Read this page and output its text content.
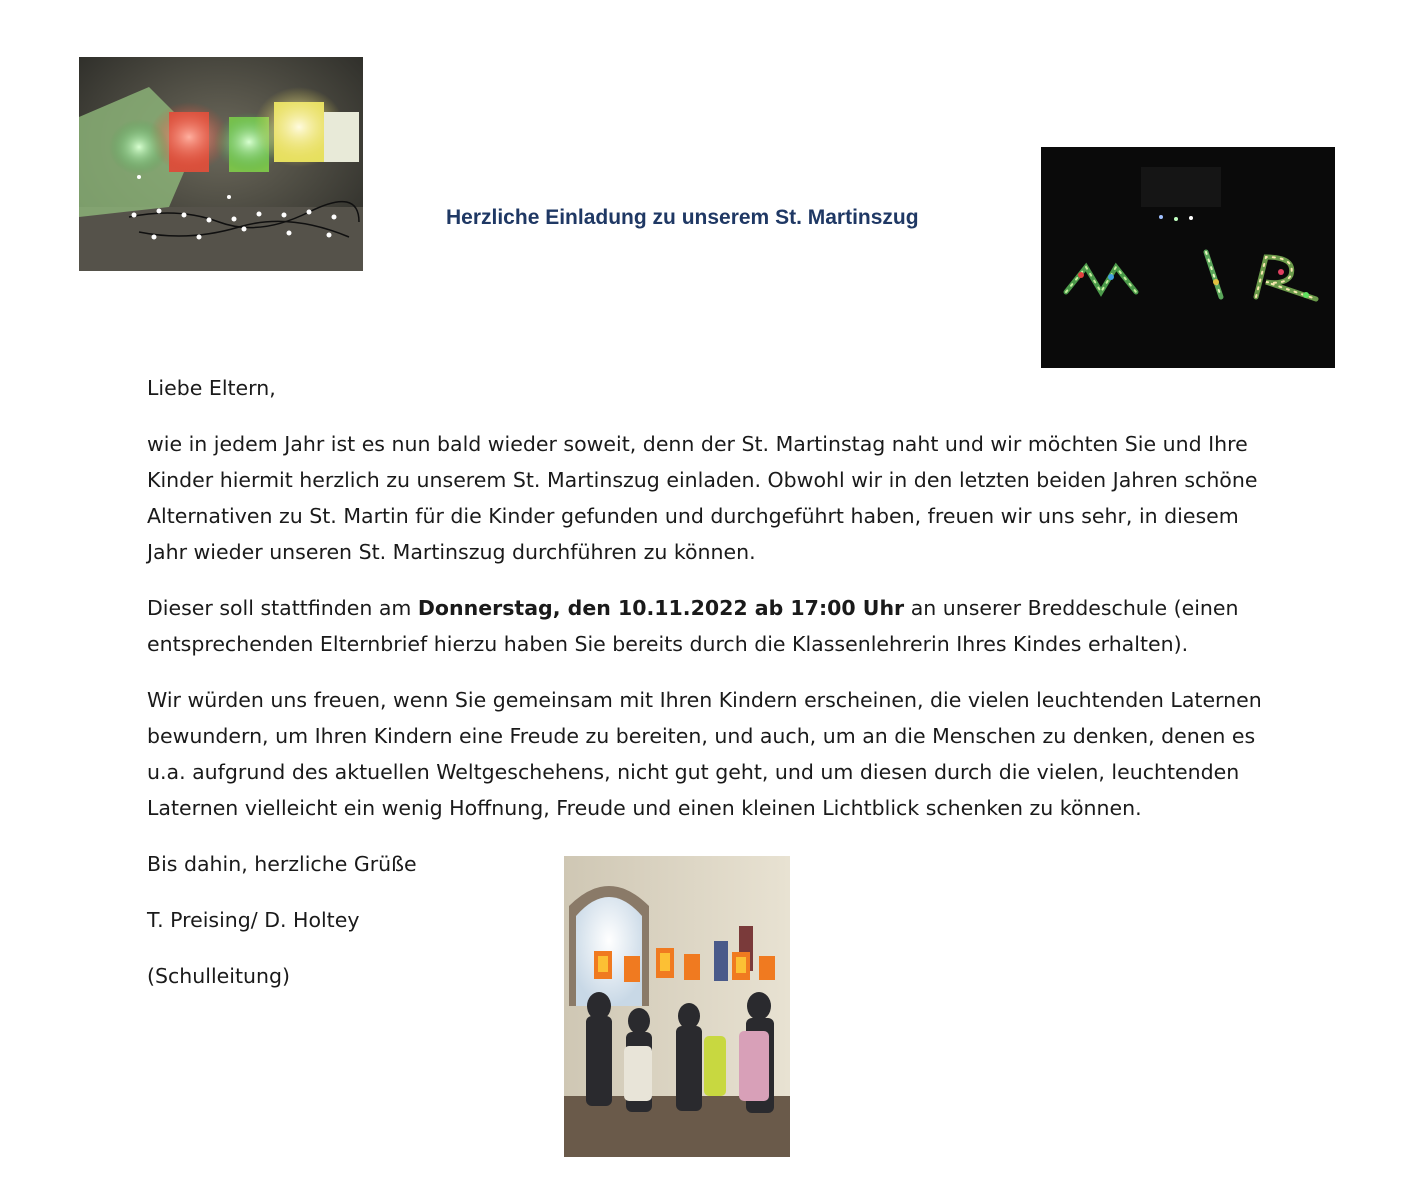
Herzliche Einladung zu unserem St. Martinszug

Liebe Eltern,

wie in jedem Jahr ist es nun bald wieder soweit, denn der St. Martinstag naht und wir möchten Sie und Ihre Kinder hiermit herzlich zu unserem St. Martinszug einladen. Obwohl wir in den letzten beiden Jahren schöne Alternativen zu St. Martin für die Kinder gefunden und durchgeführt haben, freuen wir uns sehr, in diesem Jahr wieder unseren St. Martinszug durchführen zu können.

Dieser soll stattfinden am Donnerstag, den 10.11.2022 ab 17:00 Uhr an unserer Breddeschule (einen entsprechenden Elternbrief hierzu haben Sie bereits durch die Klassenlehrerin Ihres Kindes erhalten).

Wir würden uns freuen, wenn Sie gemeinsam mit Ihren Kindern erscheinen, die vielen leuchtenden Laternen bewundern, um Ihren Kindern eine Freude zu bereiten, und auch, um an die Menschen zu denken, denen es u.a. aufgrund des aktuellen Weltgeschehens, nicht gut geht, und um diesen durch die vielen, leuchtenden Laternen vielleicht ein wenig Hoffnung, Freude und einen kleinen Lichtblick schenken zu können.

Bis dahin, herzliche Grüße

T. Preising/ D. Holtey

(Schulleitung)
